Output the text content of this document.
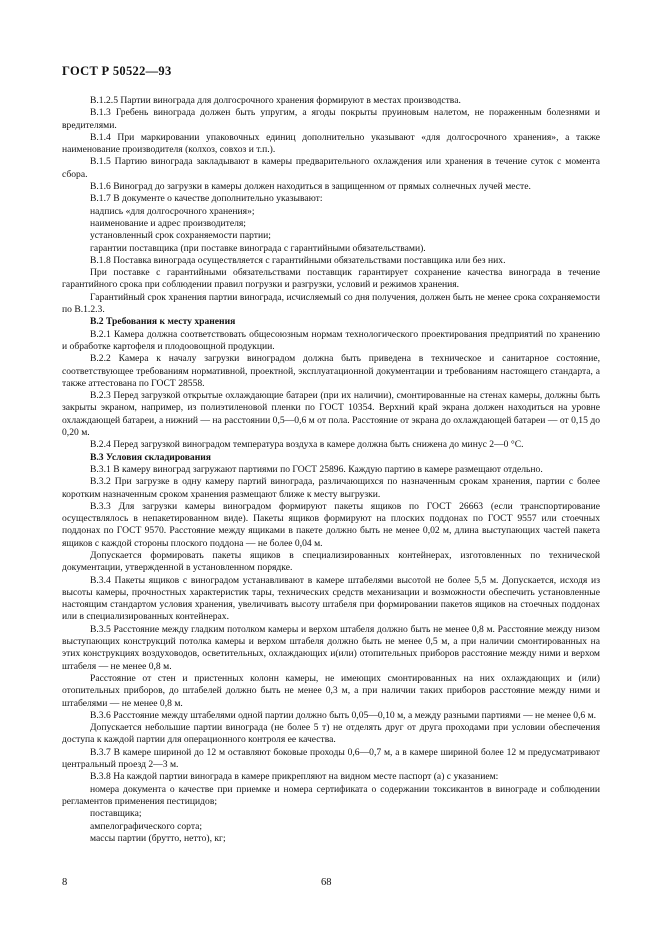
ГОСТ Р 50522—93

В.1.2.5 Партии винограда для долгосрочного хранения формируют в местах производства.

В.1.3 Гребень винограда должен быть упругим, а ягоды покрыты пруиновым налетом, не пораженным болезнями и вредителями.

В.1.4 При маркировании упаковочных единиц дополнительно указывают «для долгосрочного хранения», а также наименование производителя (колхоз, совхоз и т.п.).

В.1.5 Партию винограда закладывают в камеры предварительного охлаждения или хранения в течение суток с момента сбора.

В.1.6 Виноград до загрузки в камеры должен находиться в защищенном от прямых солнечных лучей месте.

В.1.7 В документе о качестве дополнительно указывают:

надпись «для долгосрочного хранения»;

наименование и адрес производителя;

установленный срок сохраняемости партии;

гарантии поставщика (при поставке винограда с гарантийными обязательствами).

В.1.8 Поставка винограда осуществляется с гарантийными обязательствами поставщика или без них.

При поставке с гарантийными обязательствами поставщик гарантирует сохранение качества винограда в течение гарантийного срока при соблюдении правил погрузки и разгрузки, условий и режимов хранения.

Гарантийный срок хранения партии винограда, исчисляемый со дня получения, должен быть не менее срока сохраняемости по В.1.2.3.

В.2 Требования к месту хранения

В.2.1 Камера должна соответствовать общесоюзным нормам технологического проектирования предприятий по хранению и обработке картофеля и плодоовощной продукции.

В.2.2 Камера к началу загрузки виноградом должна быть приведена в техническое и санитарное состояние, соответствующее требованиям нормативной, проектной, эксплуатационной документации и требованиям настоящего стандарта, а также аттестована по ГОСТ 28558.

В.2.3 Перед загрузкой открытые охлаждающие батареи (при их наличии), смонтированные на стенах камеры, должны быть закрыты экраном, например, из полиэтиленовой пленки по ГОСТ 10354. Верхний край экрана должен находиться на уровне охлаждающей батареи, а нижний — на расстоянии 0,5—0,6 м от пола. Расстояние от экрана до охлаждающей батареи — от 0,15 до 0,20 м.

В.2.4 Перед загрузкой виноградом температура воздуха в камере должна быть снижена до минус 2—0 °С.

В.3 Условия складирования

В.3.1 В камеру виноград загружают партиями по ГОСТ 25896. Каждую партию в камере размещают отдельно.

В.3.2 При загрузке в одну камеру партий винограда, различающихся по назначенным срокам хранения, партии с более коротким назначенным сроком хранения размещают ближе к месту выгрузки.

В.3.3 Для загрузки камеры виноградом формируют пакеты ящиков по ГОСТ 26663 (если транспортирование осуществлялось в непакетированном виде). Пакеты ящиков формируют на плоских поддонах по ГОСТ 9557 или стоечных поддонах по ГОСТ 9570. Расстояние между ящиками в пакете должно быть не менее 0,02 м, длина выступающих частей пакета ящиков с каждой стороны плоского поддона — не более 0,04 м.

Допускается формировать пакеты ящиков в специализированных контейнерах, изготовленных по технической документации, утвержденной в установленном порядке.

В.3.4 Пакеты ящиков с виноградом устанавливают в камере штабелями высотой не более 5,5 м. Допускается, исходя из высоты камеры, прочностных характеристик тары, технических средств механизации и возможности обеспечить установленные настоящим стандартом условия хранения, увеличивать высоту штабеля при формировании пакетов ящиков на стоечных поддонах или в специализированных контейнерах.

В.3.5 Расстояние между гладким потолком камеры и верхом штабеля должно быть не менее 0,8 м. Расстояние между низом выступающих конструкций потолка камеры и верхом штабеля должно быть не менее 0,5 м, а при наличии смонтированных на этих конструкциях воздуховодов, осветительных, охлаждающих и(или) отопительных приборов расстояние между ними и верхом штабеля — не менее 0,8 м.

Расстояние от стен и пристенных колонн камеры, не имеющих смонтированных на них охлаждающих и (или) отопительных приборов, до штабелей должно быть не менее 0,3 м, а при наличии таких приборов расстояние между ними и штабелями — не менее 0,8 м.

В.3.6 Расстояние между штабелями одной партии должно быть 0,05—0,10 м, а между разными партиями — не менее 0,6 м.

Допускается небольшие партии винограда (не более 5 т) не отделять друг от друга проходами при условии обеспечения доступа к каждой партии для операционного контроля ее качества.

В.3.7 В камере шириной до 12 м оставляют боковые проходы 0,6—0,7 м, а в камере шириной более 12 м предусматривают центральный проезд 2—3 м.

В.3.8 На каждой партии винограда в камере прикрепляют на видном месте паспорт (а) с указанием:

номера документа о качестве при приемке и номера сертификата о содержании токсикантов в винограде и соблюдении регламентов применения пестицидов;

поставщика;

ампелографического сорта;

массы партии (брутто, нетто), кг;

8	68
